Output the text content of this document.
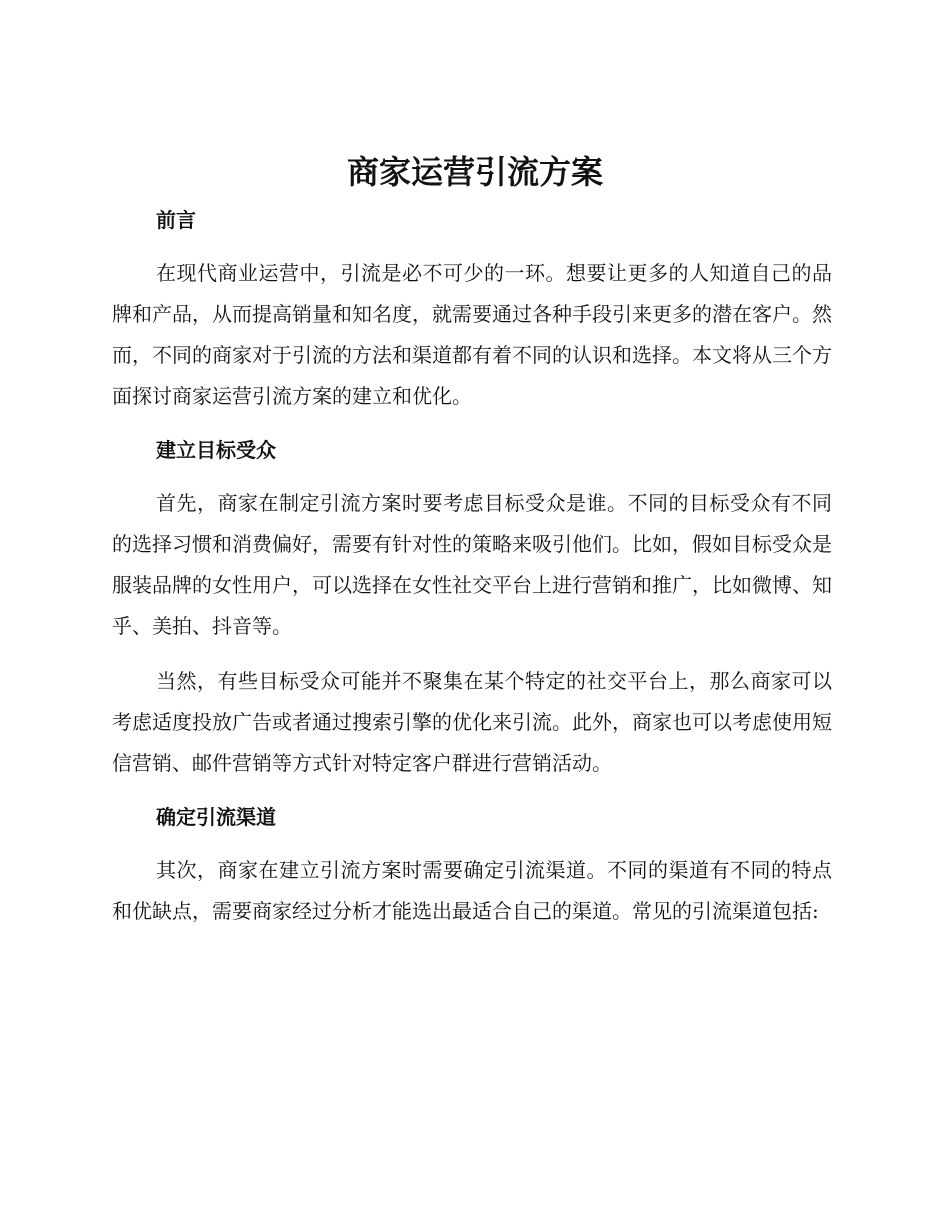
商家运营引流方案
前言

在现代商业运营中，引流是必不可少的一环。想要让更多的人知道自己的品牌和产品，从而提高销量和知名度，就需要通过各种手段引来更多的潜在客户。然而，不同的商家对于引流的方法和渠道都有着不同的认识和选择。本文将从三个方面探讨商家运营引流方案的建立和优化。

建立目标受众

首先，商家在制定引流方案时要考虑目标受众是谁。不同的目标受众有不同的选择习惯和消费偏好，需要有针对性的策略来吸引他们。比如，假如目标受众是服装品牌的女性用户，可以选择在女性社交平台上进行营销和推广，比如微博、知乎、美拍、抖音等。

当然，有些目标受众可能并不聚集在某个特定的社交平台上，那么商家可以考虑适度投放广告或者通过搜索引擎的优化来引流。此外，商家也可以考虑使用短信营销、邮件营销等方式针对特定客户群进行营销活动。

确定引流渠道

其次，商家在建立引流方案时需要确定引流渠道。不同的渠道有不同的特点和优缺点，需要商家经过分析才能选出最适合自己的渠道。常见的引流渠道包括:
